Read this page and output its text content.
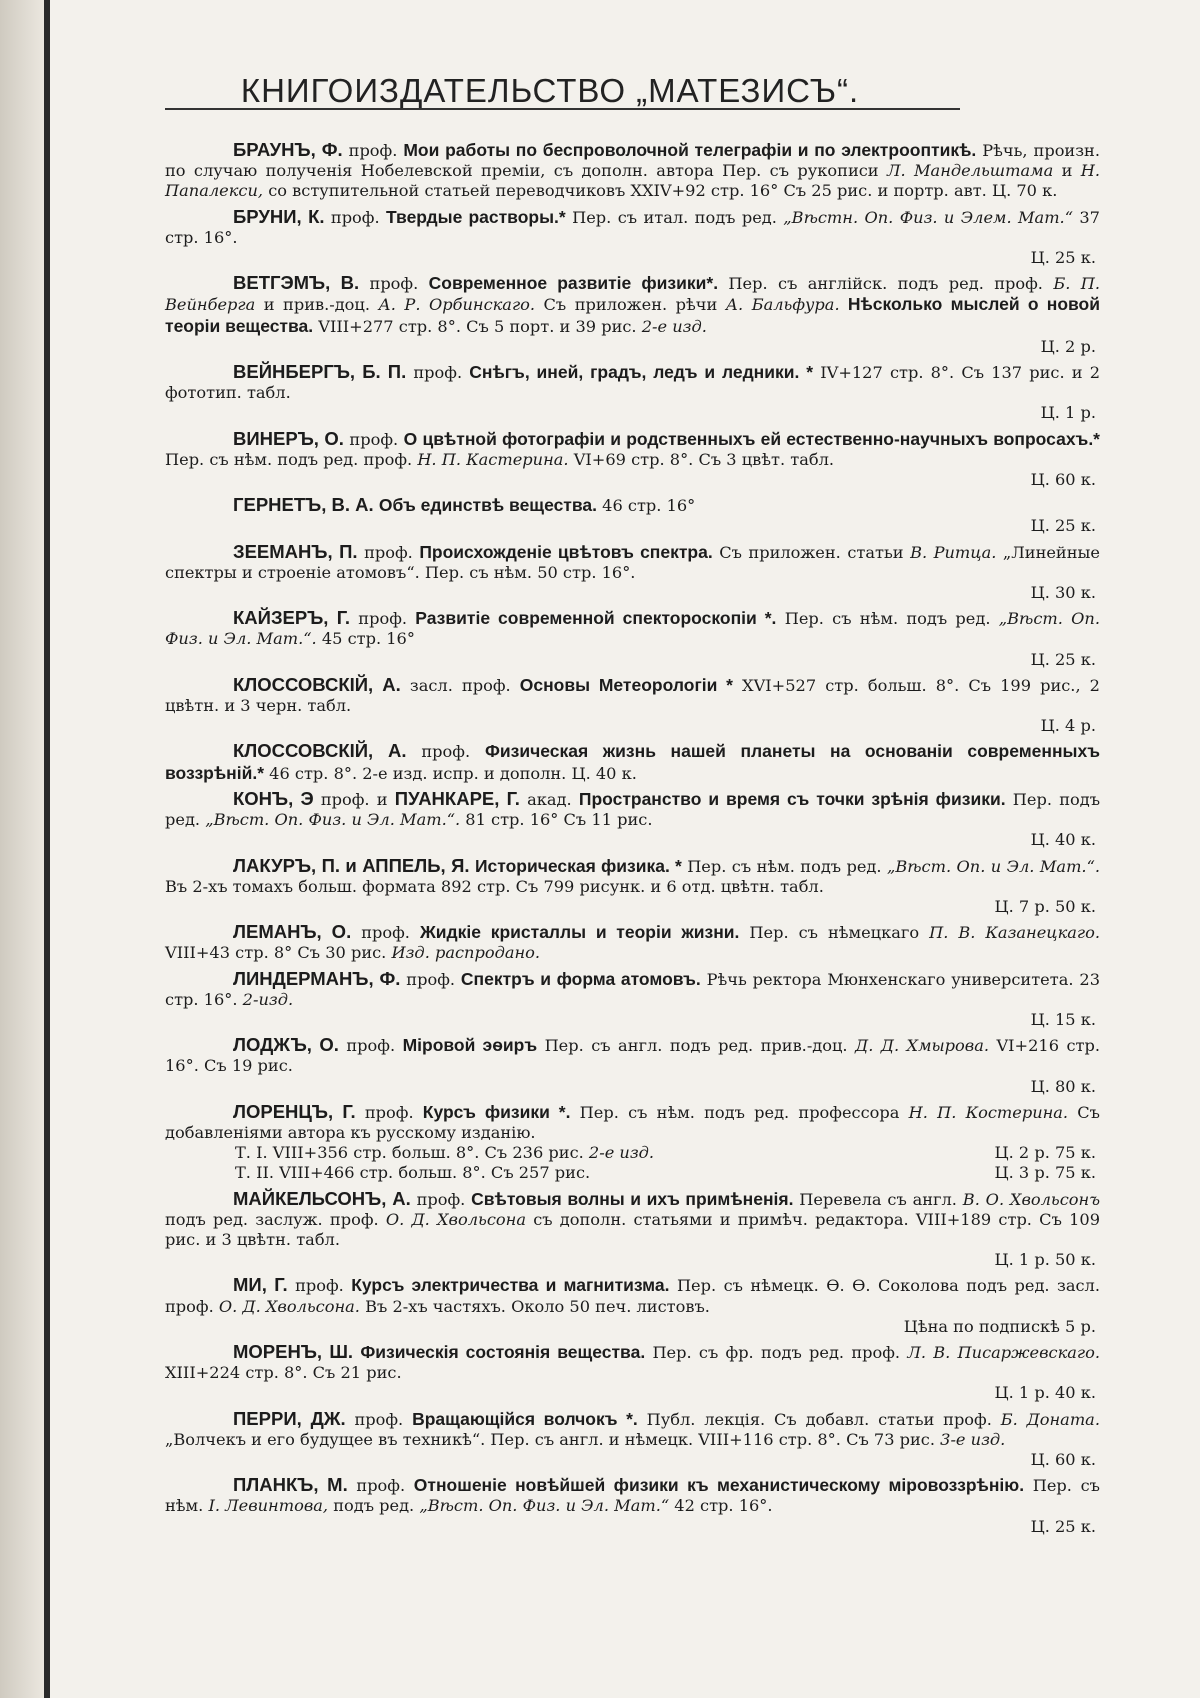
КНИГОИЗДАТЕЛЬСТВО „МАТЕЗИСЪ“.

БРАУНЪ, Ф. проф. Мои работы по беспроволочной телеграфіи и по электрооптикѣ. Рѣчь, произн. по случаю полученія Нобелевской преміи, съ дополн. автора Пер. съ рукописи Л. Мандельштама и Н. Папалекси, со вступительной статьей переводчиковъ XXIV+92 стр. 16° Съ 25 рис. и портр. авт. Ц. 70 к.

БРУНИ, К. проф. Твердые растворы.* Пер. съ итал. подъ ред. „Вѣстн. Оп. Физ. и Элем. Мат.“ 37 стр. 16°.

Ц. 25 к.

ВЕТГЭМЪ, В. проф. Современное развитіе физики*. Пер. съ англійск. подъ ред. проф. Б. П. Вейнберга и прив.-доц. А. Р. Орбинскаго. Съ приложен. рѣчи А. Бальфура. Нѣсколько мыслей о новой теоріи вещества. VIII+277 стр. 8°. Съ 5 порт. и 39 рис. 2-е изд.

Ц. 2 р.

ВЕЙНБЕРГЪ, Б. П. проф. Снѣгъ, иней, градъ, ледъ и ледники. * IV+127 стр. 8°. Съ 137 рис. и 2 фототип. табл.

Ц. 1 р.

ВИНЕРЪ, О. проф. О цвѣтной фотографіи и родственныхъ ей естественно-научныхъ вопросахъ.* Пер. съ нѣм. подъ ред. проф. Н. П. Кастерина. VI+69 стр. 8°. Съ 3 цвѣт. табл.

Ц. 60 к.

ГЕРНЕТЪ, В. А. Объ единствѣ вещества. 46 стр. 16°

Ц. 25 к.

ЗЕЕМАНЪ, П. проф. Происхожденіе цвѣтовъ спектра. Съ приложен. статьи В. Ритца. „Линейные спектры и строеніе атомовъ“. Пер. съ нѣм. 50 стр. 16°.

Ц. 30 к.

КАЙЗЕРЪ, Г. проф. Развитіе современной спектороскопіи *. Пер. съ нѣм. подъ ред. „Вѣст. Оп. Физ. и Эл. Мат.“. 45 стр. 16°

Ц. 25 к.

КЛОССОВСКІЙ, А. засл. проф. Основы Метеорологіи * XVI+527 стр. больш. 8°. Съ 199 рис., 2 цвѣтн. и 3 черн. табл.

Ц. 4 р.

КЛОССОВСКІЙ, А. проф. Физическая жизнь нашей планеты на основаніи современныхъ воззрѣній.* 46 стр. 8°. 2-е изд. испр. и дополн. Ц. 40 к.

КОНЪ, Э проф. и ПУАНКАРЕ, Г. акад. Пространство и время съ точки зрѣнія физики. Пер. подъ ред. „Вѣст. Оп. Физ. и Эл. Мат.“. 81 стр. 16° Съ 11 рис.

Ц. 40 к.

ЛАКУРЪ, П. и АППЕЛЬ, Я. Историческая физика. * Пер. съ нѣм. подъ ред. „Вѣст. Оп. и Эл. Мат.“. Въ 2-хъ томахъ больш. формата 892 стр. Съ 799 рисунк. и 6 отд. цвѣтн. табл.

Ц. 7 р. 50 к.

ЛЕМАНЪ, О. проф. Жидкіе кристаллы и теоріи жизни. Пер. съ нѣмецкаго П. В. Казанецкаго. VIII+43 стр. 8° Съ 30 рис. Изд. распродано.

ЛИНДЕРМАНЪ, Ф. проф. Спектръ и форма атомовъ. Рѣчь ректора Мюнхенскаго университета. 23 стр. 16°. 2-изд.

Ц. 15 к.

ЛОДЖЪ, О. проф. Міровой эѳиръ Пер. съ англ. подъ ред. прив.-доц. Д. Д. Хмырова. VI+216 стр. 16°. Съ 19 рис.

Ц. 80 к.

ЛОРЕНЦЪ, Г. проф. Курсъ физики *. Пер. съ нѣм. подъ ред. профессора Н. П. Костерина. Съ добавленіями автора къ русскому изданію.

Т. I. VIII+356 стр. больш. 8°. Съ 236 рис. 2-е изд.	Ц. 2 р. 75 к.
Т. II. VIII+466 стр. больш. 8°. Съ 257 рис.	Ц. 3 р. 75 к.

МАЙКЕЛЬСОНЪ, А. проф. Свѣтовыя волны и ихъ примѣненія. Перевела съ англ. В. О. Хвольсонъ подъ ред. заслуж. проф. О. Д. Хвольсона съ дополн. статьями и примѣч. редактора. VIII+189 стр. Съ 109 рис. и 3 цвѣтн. табл.

Ц. 1 р. 50 к.

МИ, Г. проф. Курсъ электричества и магнитизма. Пер. съ нѣмецк. Ѳ. Ѳ. Соколова подъ ред. засл. проф. О. Д. Хвольсона. Въ 2-хъ частяхъ. Около 50 печ. листовъ.

Цѣна по подпискѣ 5 р.

МОРЕНЪ, Ш. Физическія состоянія вещества. Пер. съ фр. подъ ред. проф. Л. В. Писаржевскаго. XIII+224 стр. 8°. Съ 21 рис.

Ц. 1 р. 40 к.

ПЕРРИ, ДЖ. проф. Вращающійся волчокъ *. Публ. лекція. Съ добавл. статьи проф. Б. Доната. „Волчекъ и его будущее въ техникѣ“. Пер. съ англ. и нѣмецк. VIII+116 стр. 8°. Съ 73 рис. 3-е изд.

Ц. 60 к.

ПЛАНКЪ, М. проф. Отношеніе новѣйшей физики къ механистическому міровоззрѣнію. Пер. съ нѣм. І. Левинтова, подъ ред. „Вѣст. Оп. Физ. и Эл. Мат.“ 42 стр. 16°.

Ц. 25 к.
